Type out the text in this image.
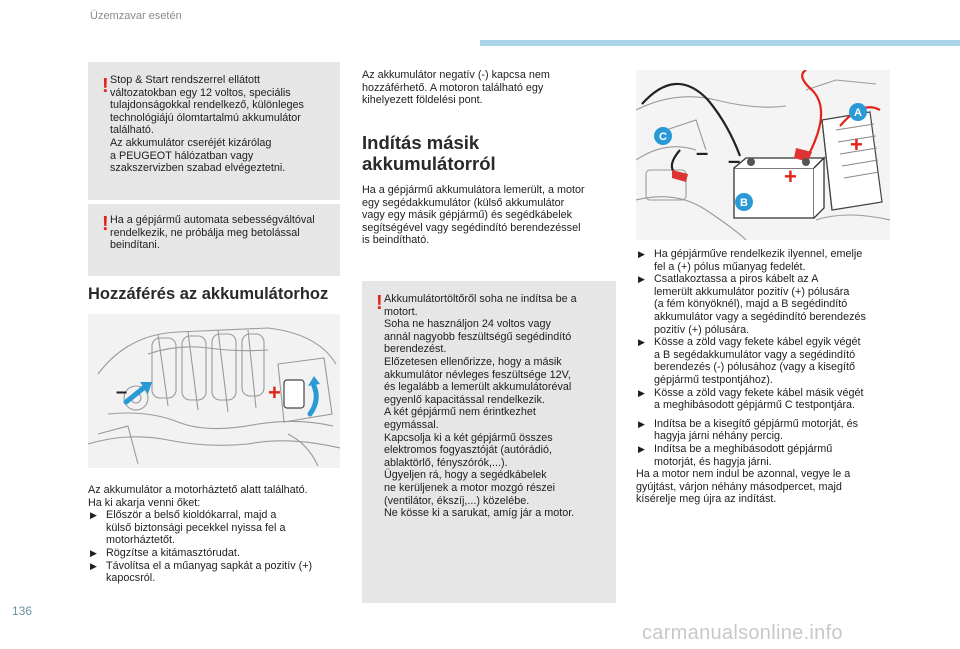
Üzemzavar esetén
! Stop & Start rendszerrel ellátott
változatokban egy 12 voltos, speciális
tulajdonságokkal rendelkező, különleges
technológiájú ólomtartalmú akkumulátor
található.
Az akkumulátor cseréjét kizárólag
a PEUGEOT hálózatban vagy
szakszervizben szabad elvégeztetni.

! Ha a gépjármű automata sebességváltóval
rendelkezik, ne próbálja meg betolással
beindítani.

Hozzáférés az akkumulátorhoz
–	+

Az akkumulátor a motorháztető alatt található.
Ha ki akarja venni őket:

▶ Először a belső kioldókarral, majd a
külső biztonsági pecekkel nyissa fel a
motorháztetőt.
▶ Rögzítse a kitámasztórudat.
▶ Távolítsa el a műanyag sapkát a pozitív (+)
kapocsról.

Az akkumulátor negatív (-) kapcsa nem
hozzáférhető. A motoron található egy
kihelyezett földelési pont.

Indítás másik
akkumulátorról

Ha a gépjármű akkumulátora lemerült, a motor
egy segédakkumulátor (külső akkumulátor
vagy egy másik gépjármű) és segédkábelek
segítségével vagy segédindító berendezéssel
is beindítható.

! Akkumulátortöltőről soha ne indítsa be a
motort.
Soha ne használjon 24 voltos vagy
annál nagyobb feszültségű segédindító
berendezést.
Előzetesen ellenőrizze, hogy a másik
akkumulátor névleges feszültsége 12V,
és legalább a lemerült akkumulátoréval
egyenlő kapacitással rendelkezik.
A két gépjármű nem érintkezhet
egymással.
Kapcsolja ki a két gépjármű összes
elektromos fogyasztóját (autórádió,
ablaktörlő, fényszórók,...).
Ügyeljen rá, hogy a segédkábelek
ne kerüljenek a motor mozgó részei
(ventilátor, ékszíj,...) közelébe.
Ne kösse ki a sarukat, amíg jár a motor.

– –
+
+
C
A
B
▶ Ha gépjárműve rendelkezik ilyennel, emelje
fel a (+) pólus műanyag fedelét.
▶ Csatlakoztassa a piros kábelt az A
lemerült akkumulátor pozitív (+) pólusára
(a fém könyöknél), majd a B segédindító
akkumulátor vagy a segédindító berendezés
pozitív (+) pólusára.
▶ Kösse a zöld vagy fekete kábel egyik végét
a B segédakkumulátor vagy a segédindító
berendezés (-) pólusához (vagy a kisegítő
gépjármű testpontjához).
▶ Kösse a zöld vagy fekete kábel másik végét
a meghibásodott gépjármű C testpontjára.
▶ Indítsa be a kisegítő gépjármű motorját, és
hagyja járni néhány percig.
▶ Indítsa be a meghibásodott gépjármű
motorját, és hagyja járni.

Ha a motor nem indul be azonnal, vegye le a
gyújtást, várjon néhány másodpercet, majd
kísérelje meg újra az indítást.

136
carmanualsonline.info
